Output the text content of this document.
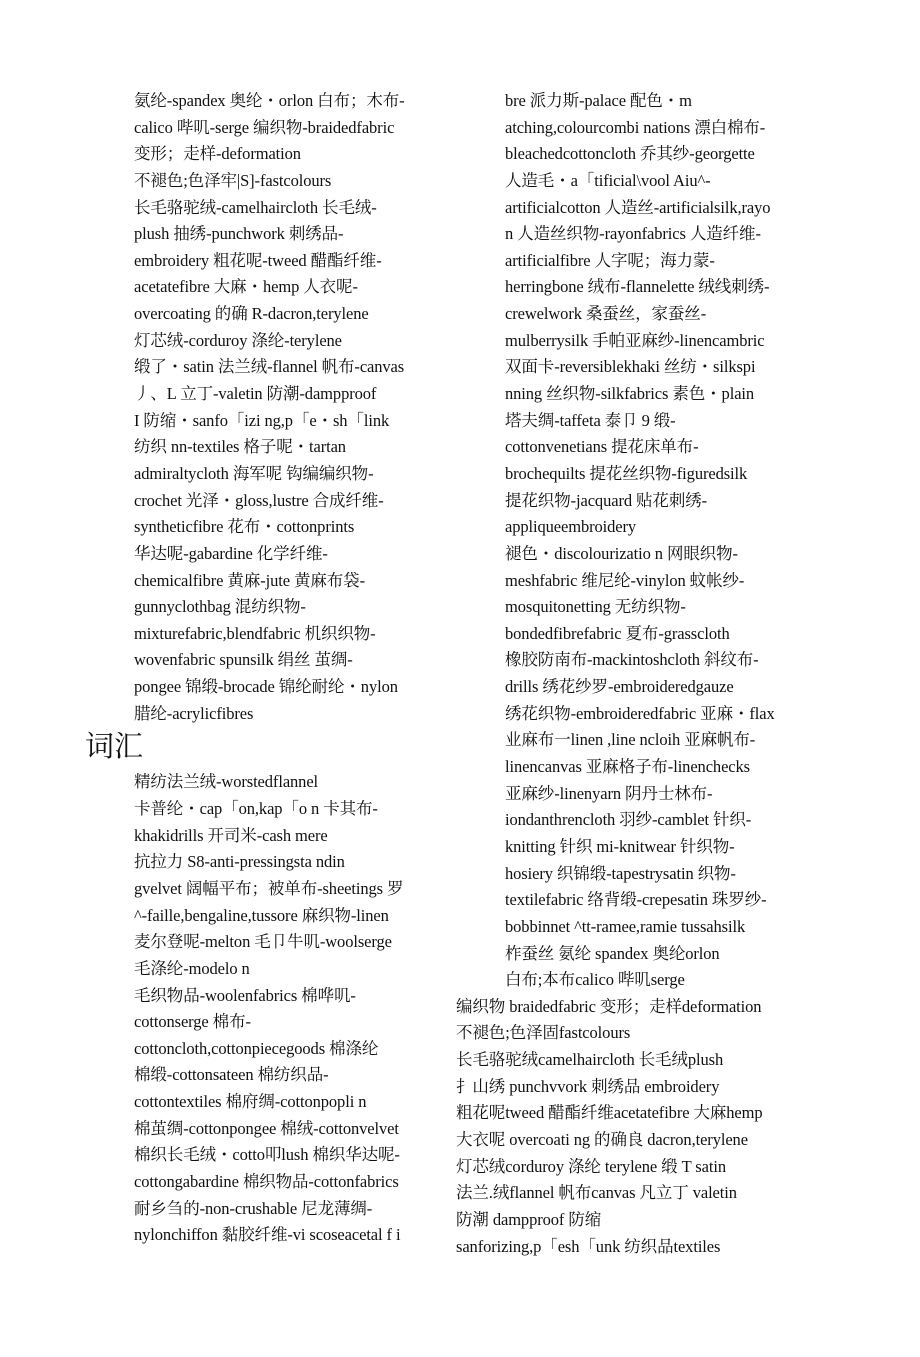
氨纶-spandex 奥纶・orlon 白布；木布-
calico 哔叽-serge 编织物-braidedfabric
变形；走样-deformation
不褪色;色泽牢|S]-fastcolours
长毛骆驼绒-camelhaircloth 长毛绒-
plush 抽绣-punchwork 刺绣品-
embroidery 粗花呢-tweed 醋酯纤维-
acetatefibre 大麻・hemp 人衣呢-
overcoating 的确 R-dacron,terylene
灯芯绒-corduroy 涤纶-terylene
缎了・satin 法兰绒-flannel 帆布-canvas
丿、L 立丁-valetin 防潮-dampproof
I 防缩・sanfo「izi ng,p「e・sh「link
纺织 nn-textiles 格子呢・tartan
admiraltycloth 海军呢 钩编编织物-
crochet 光泽・gloss,lustre 合成纤维-
syntheticfibre 花布・cottonprints
华达呢-gabardine 化学纤维-
chemicalfibre 黄麻-jute 黄麻布袋-
gunnyclothbag 混纺织物-
mixturefabric,blendfabric 机织织物-
wovenfabric spunsilk 绢丝 茧绸-
pongee 锦缎-brocade 锦纶耐纶・nylon
腊纶-acrylicfibres
词汇
精纺法兰绒-worstedflannel
卡普纶・cap「on,kap「o n 卡其布-
khakidrills 开司米-cash mere
抗拉力 S8-anti-pressingsta ndin
gvelvet 阔幅平布；被单布-sheetings 罗
^-faille,bengaline,tussore 麻织物-linen
麦尔登呢-melton 毛卩牛叽-woolserge
毛涤纶-modelo n
毛织物品-woolenfabrics 棉哗叽-
cottonserge 棉布-
cottoncloth,cottonpiecegoods 棉涤纶
棉缎-cottonsateen 棉纺织品-
cottontextiles 棉府绸-cottonpopli n
棉茧绸-cottonpongee 棉绒-cottonvelvet
棉织长毛绒・cotto叩lush 棉织华达呢-
cottongabardine 棉织物品-cottonfabrics
耐乡刍的-non-crushable 尼龙薄绸-
nylonchiffon 黏胶纤维-vi scoseacetal f i
bre 派力斯-palace 配色・m
atching,colourcombi nations 漂白棉布-
bleachedcottoncloth 乔其纱-georgette
人造毛・a「tificial\vool Aiu^-
artificialcotton 人造丝-artificialsilk,rayo
n 人造丝织物-rayonfabrics 人造纤维-
artificialfibre 人字呢；海力蒙-
herringbone 绒布-flannelette 绒线刺绣-
crewelwork 桑蚕丝，家蚕丝-
mulberrysilk 手帕亚麻纱-linencambric
双面卡-reversiblekhaki 丝纺・silkspi
nning 丝织物-silkfabrics 素色・plain
塔夫绸-taffeta 泰卩 9 缎-
cottonvenetians 提花床单布-
brochequilts 提花丝织物-figuredsilk
提花织物-jacquard 贴花刺绣-
appliqueembroidery
褪色・discolourizatio n 网眼织物-
meshfabric 维尼纶-vinylon 蚊帐纱-
mosquitonetting 无纺织物-
bondedfibrefabric 夏布-grasscloth
橡胶防南布-mackintoshcloth 斜纹布-
drills 绣花纱罗-embroideredgauze
绣花织物-embroideredfabric 亚麻・flax
业麻布一linen ,line ncloih 亚麻帆布-
linencanvas 亚麻格子布-linenchecks
亚麻纱-linenyarn 阴丹士林布-
iondanthrencloth 羽纱-camblet 针织-
knitting 针织 mi-knitwear 针织物-
hosiery 织锦缎-tapestrysatin 织物-
textilefabric 络背缎-crepesatin 珠罗纱-
bobbinnet ^tt-ramee,ramie tussahsilk
柞蚕丝 氨纶 spandex 奥纶orlon
白布;本布calico 哔叽serge
编织物 braidedfabric 变形；走样deformation
不褪色;色泽固fastcolours
长毛骆驼绒camelhaircloth 长毛绒plush
扌山绣 punchvvork 刺绣品 embroidery
粗花呢tweed 醋酯纤维acetatefibre 大麻hemp
大衣呢 overcoati ng 的确良 dacron,terylene
灯芯绒corduroy 涤纶 terylene 缎 T satin
法兰.绒flannel 帆布canvas 凡立丁 valetin
防潮 dampproof 防缩
sanforizing,p「esh「unk 纺织品textiles
